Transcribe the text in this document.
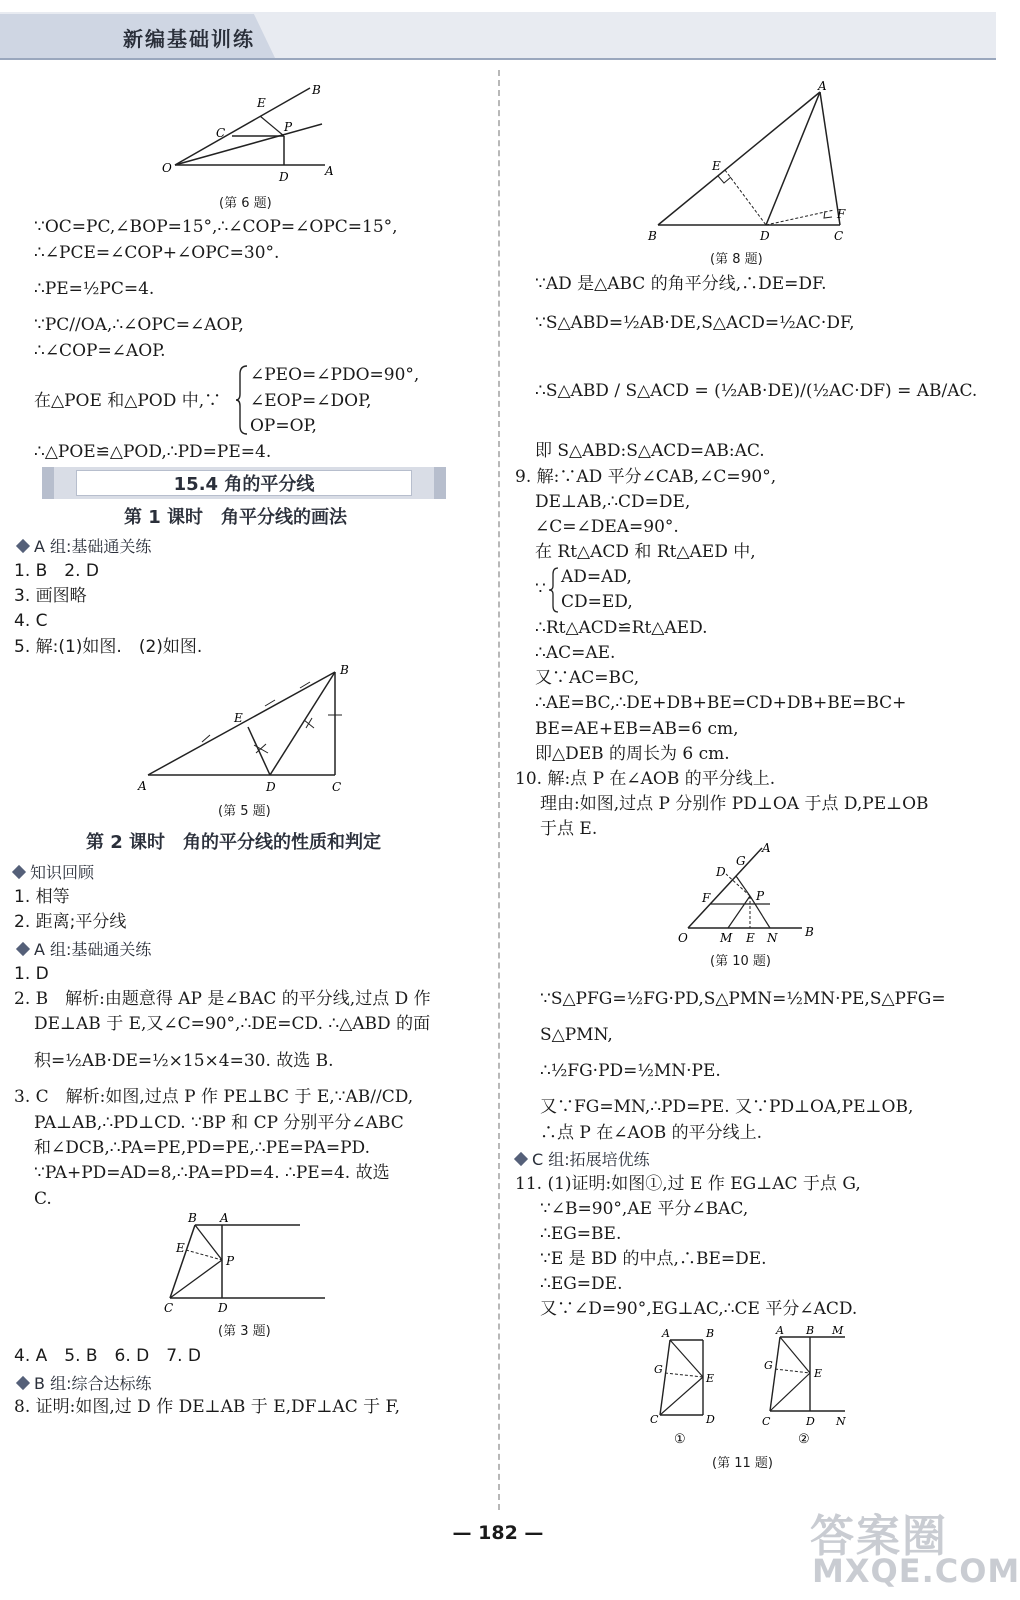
新编基础训练
E
B
C	P
O
D	A
(第 6 题)
∵OC=PC,∠BOP=15°,∴∠COP=∠OPC=15°,
∴∠PCE=∠COP+∠OPC=30°.
∴PE=½PC=4.
∵PC//OA,∴∠OPC=∠AOP,
∴∠COP=∠AOP.
在△POE 和△POD 中,∵
∠PEO=∠PDO=90°,
∠EOP=∠DOP,
OP=OP,
∴△POE≌△POD,∴PD=PE=4.
15.4 角的平分线
第 1 课时　角平分线的画法
A 组:基础通关练
1. B　2. D
3. 画图略
4. C
5. 解:(1)如图.　(2)如图.
B
E
A	D	C
(第 5 题)
第 2 课时　角的平分线的性质和判定
知识回顾
1. 相等
2. 距离;平分线
A 组:基础通关练
1. D
2. B　解析:由题意得 AP 是∠BAC 的平分线,过点 D 作
DE⊥AB 于 E,又∠C=90°,∴DE=CD. ∴△ABD 的面
积=½AB·DE=½×15×4=30. 故选 B.
3. C　解析:如图,过点 P 作 PE⊥BC 于 E,∵AB//CD,
PA⊥AB,∴PD⊥CD. ∵BP 和 CP 分别平分∠ABC
和∠DCB,∴PA=PE,PD=PE,∴PE=PA=PD.
∵PA+PD=AD=8,∴PA=PD=4. ∴PE=4. 故选
C.
B A
E
P
C	D
(第 3 题)
4. A　5. B　6. D　7. D
B 组:综合达标练
8. 证明:如图,过 D 作 DE⊥AB 于 E,DF⊥AC 于 F,
A
E
F
B	D	C
(第 8 题)
∵AD 是△ABC 的角平分线,∴DE=DF.
∵S△ABD=½AB·DE,S△ACD=½AC·DF,
∴S△ABD / S△ACD = (½AB·DE)/(½AC·DF) = AB/AC.
即 S△ABD:S△ACD=AB:AC.
9. 解:∵AD 平分∠CAB,∠C=90°,
DE⊥AB,∴CD=DE,
∠C=∠DEA=90°.
在 Rt△ACD 和 Rt△AED 中,
∵
AD=AD,
CD=ED,
∴Rt△ACD≌Rt△AED.
∴AC=AE.
又∵AC=BC,
∴AE=BC,∴DE+DB+BE=CD+DB+BE=BC+
BE=AE+EB=AB=6 cm,
即△DEB 的周长为 6 cm.
10. 解:点 P 在∠AOB 的平分线上.
理由:如图,过点 P 分别作 PD⊥OA 于点 D,PE⊥OB
于点 E.
G
A
D
F	P
O	M E N B
(第 10 题)
∵S△PFG=½FG·PD,S△PMN=½MN·PE,S△PFG=
S△PMN,
∴½FG·PD=½MN·PE.
又∵FG=MN,∴PD=PE. 又∵PD⊥OA,PE⊥OB,
∴点 P 在∠AOB 的平分线上.
C 组:拓展培优练
11. (1)证明:如图①,过 E 作 EG⊥AC 于点 G,
∵∠B=90°,AE 平分∠BAC,
∴EG=BE.
∵E 是 BD 的中点,∴BE=DE.
∴EG=DE.
又∵∠D=90°,EG⊥AC,∴CE 平分∠ACD.
A	B
G
E
C	D
①
A B M
G
E
C	D N
②
(第 11 题)
— 182 —	答案圈
MXQE.COM
